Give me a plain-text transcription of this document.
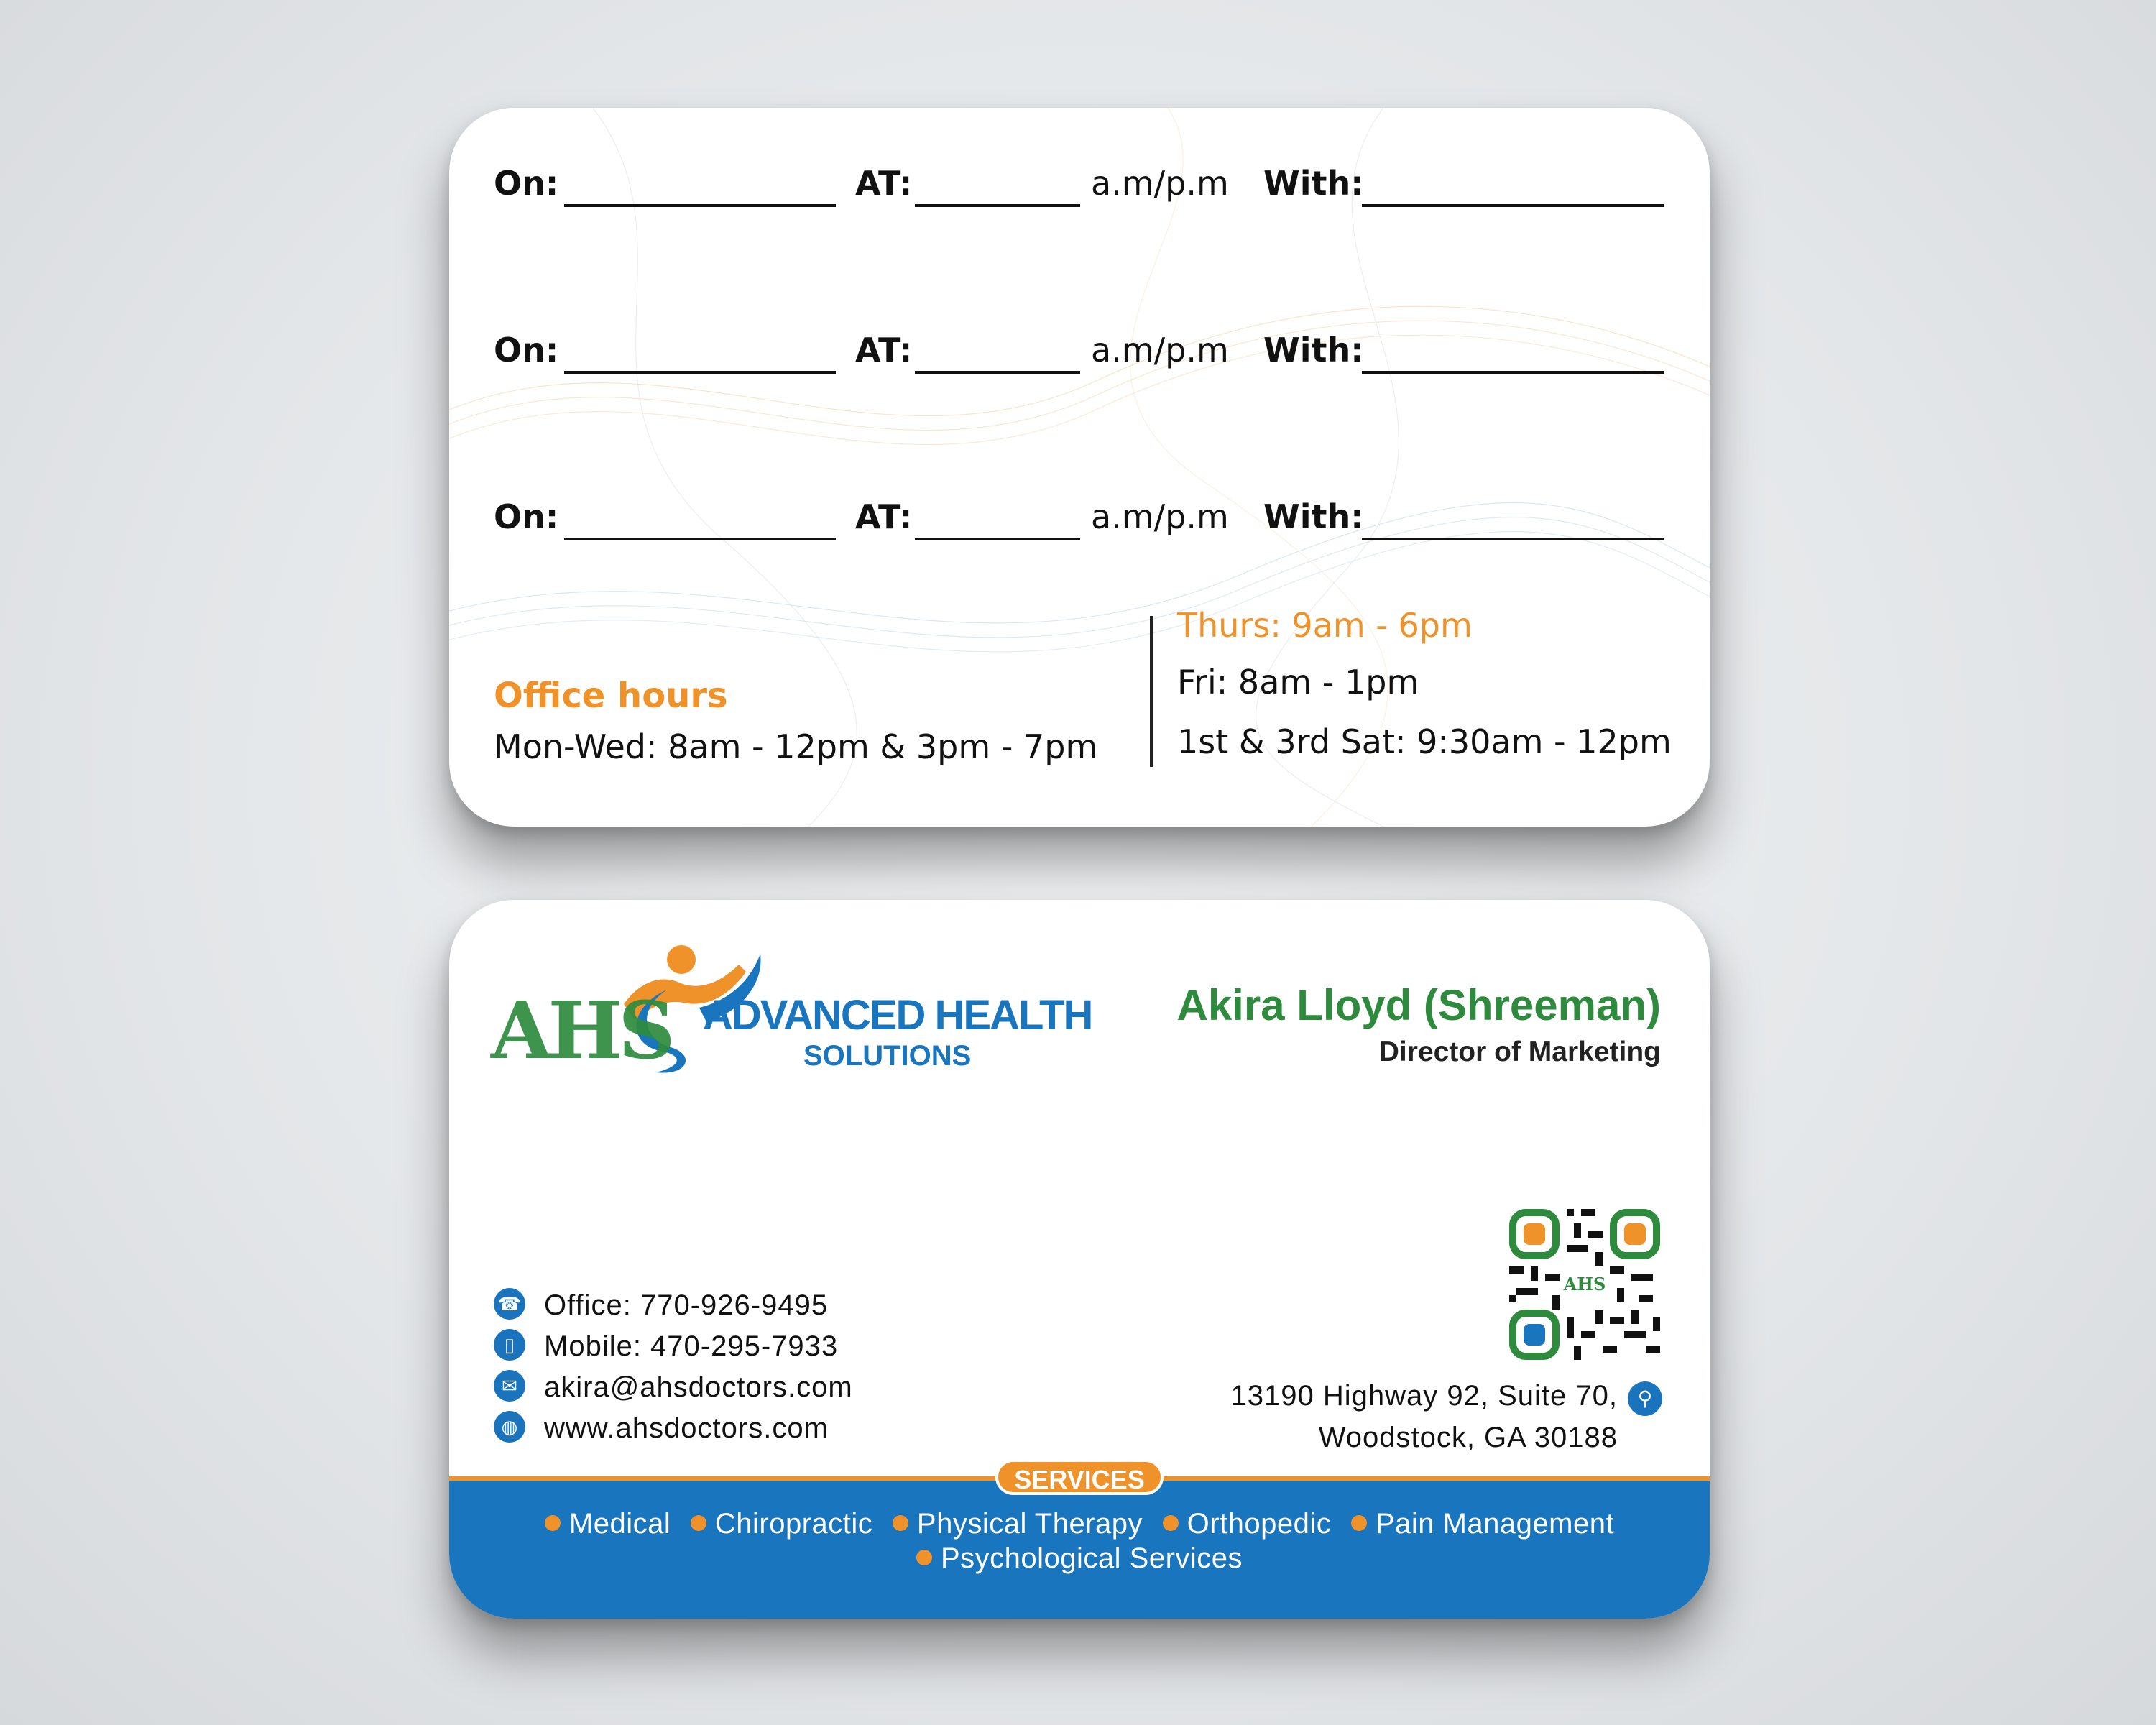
On:	AT:	a.m/p.m With:
On:	AT:	a.m/p.m With:
On:	AT:	a.m/p.m With:
Office hours
Mon-Wed: 8am - 12pm & 3pm - 7pm
Thurs: 9am - 6pm
Fri: 8am - 1pm
1st & 3rd Sat: 9:30am - 12pm
AHS ADVANCED HEALTH
SOLUTIONS
Akira Lloyd (Shreeman)
Director of Marketing
☎ Office: 770-926-9495
▯	Mobile: 470-295-7933
✉ akira@ahsdoctors.com
◍ www.ahsdoctors.com
AHS
13190 Highway 92, Suite 70,
Woodstock, GA 30188
⚲
SERVICES
Medical Chiropractic Physical Therapy Orthopedic Pain Management
Psychological Services
